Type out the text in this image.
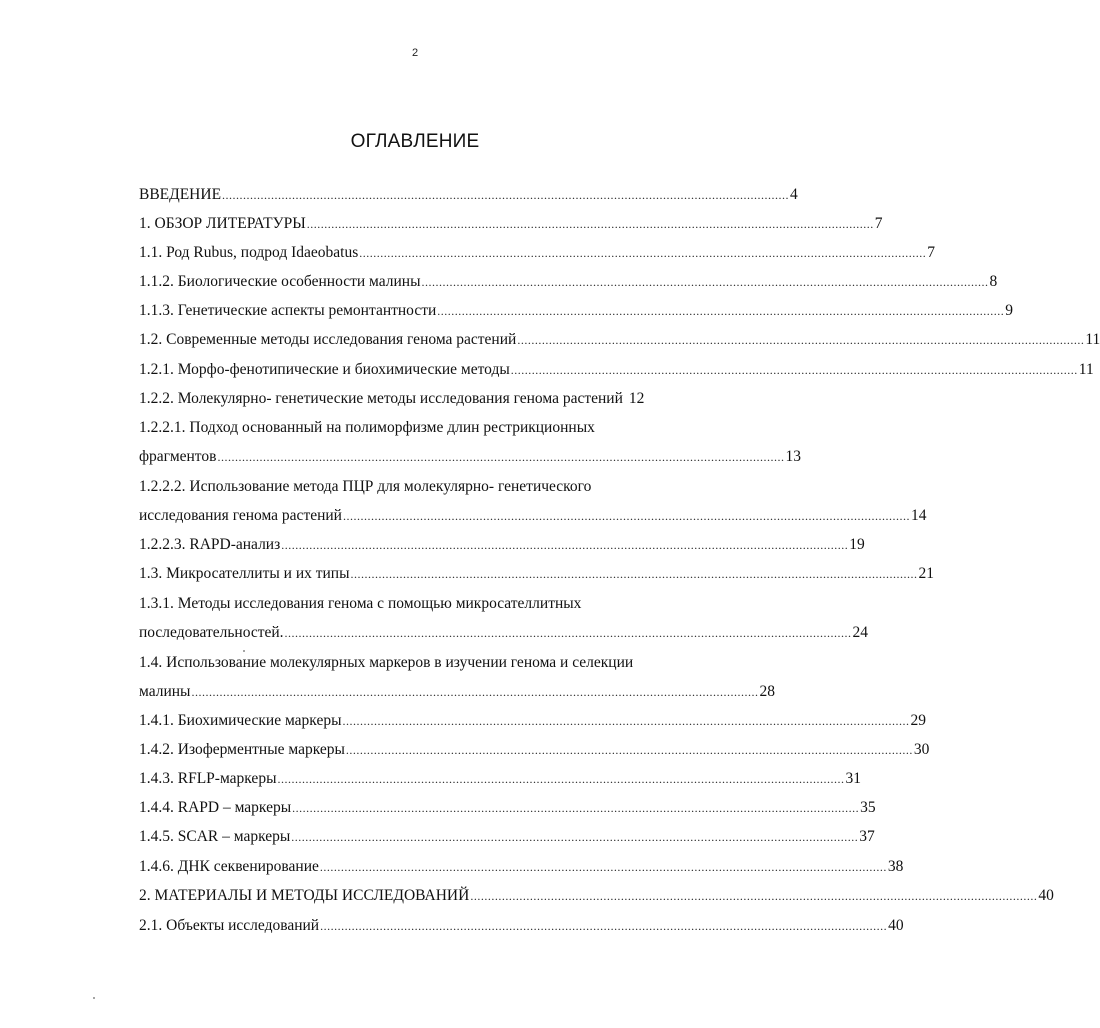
2
ОГЛАВЛЕНИЕ
ВВЕДЕНИЕ .................................................................................................................................................................. 4
1. ОБЗОР ЛИТЕРАТУРЫ .................................................................................................................................................................. 7
1.1. Род Rubus, подрод Idaeobatus .................................................................................................................................................................. 7
1.1.2. Биологические особенности малины .................................................................................................................................................................. 8
1.1.3. Генетические аспекты ремонтантности .................................................................................................................................................................. 9
1.2. Современные методы исследования генома растений .................................................................................................................................................................. 11
1.2.1. Морфо-фенотипические и биохимические методы .................................................................................................................................................................. 11
1.2.2. Молекулярно- генетические методы исследования генома растений 12
1.2.2.1. Подход основанный на полиморфизме длин рестрикционных
фрагментов .................................................................................................................................................................. 13
1.2.2.2. Использование метода ПЦР для молекулярно- генетического
исследования генома растений .................................................................................................................................................................. 14
1.2.2.3. RAPD-анализ .................................................................................................................................................................. 19
1.3. Микросателлиты и их типы .................................................................................................................................................................. 21
1.3.1. Методы исследования генома с помощью микросателлитных
последовательностей. .................................................................................................................................................................. 24
1.4. Использование молекулярных маркеров в изучении генома и селекции
малины .................................................................................................................................................................. 28
1.4.1. Биохимические маркеры .................................................................................................................................................................. 29
1.4.2. Изоферментные маркеры .................................................................................................................................................................. 30
1.4.3. RFLP-маркеры .................................................................................................................................................................. 31
1.4.4. RAPD – маркеры .................................................................................................................................................................. 35
1.4.5. SCAR – маркеры .................................................................................................................................................................. 37
1.4.6. ДНК секвенирование .................................................................................................................................................................. 38
2. МАТЕРИАЛЫ И МЕТОДЫ ИССЛЕДОВАНИЙ .................................................................................................................................................................. 40
2.1. Объекты исследований .................................................................................................................................................................. 40
